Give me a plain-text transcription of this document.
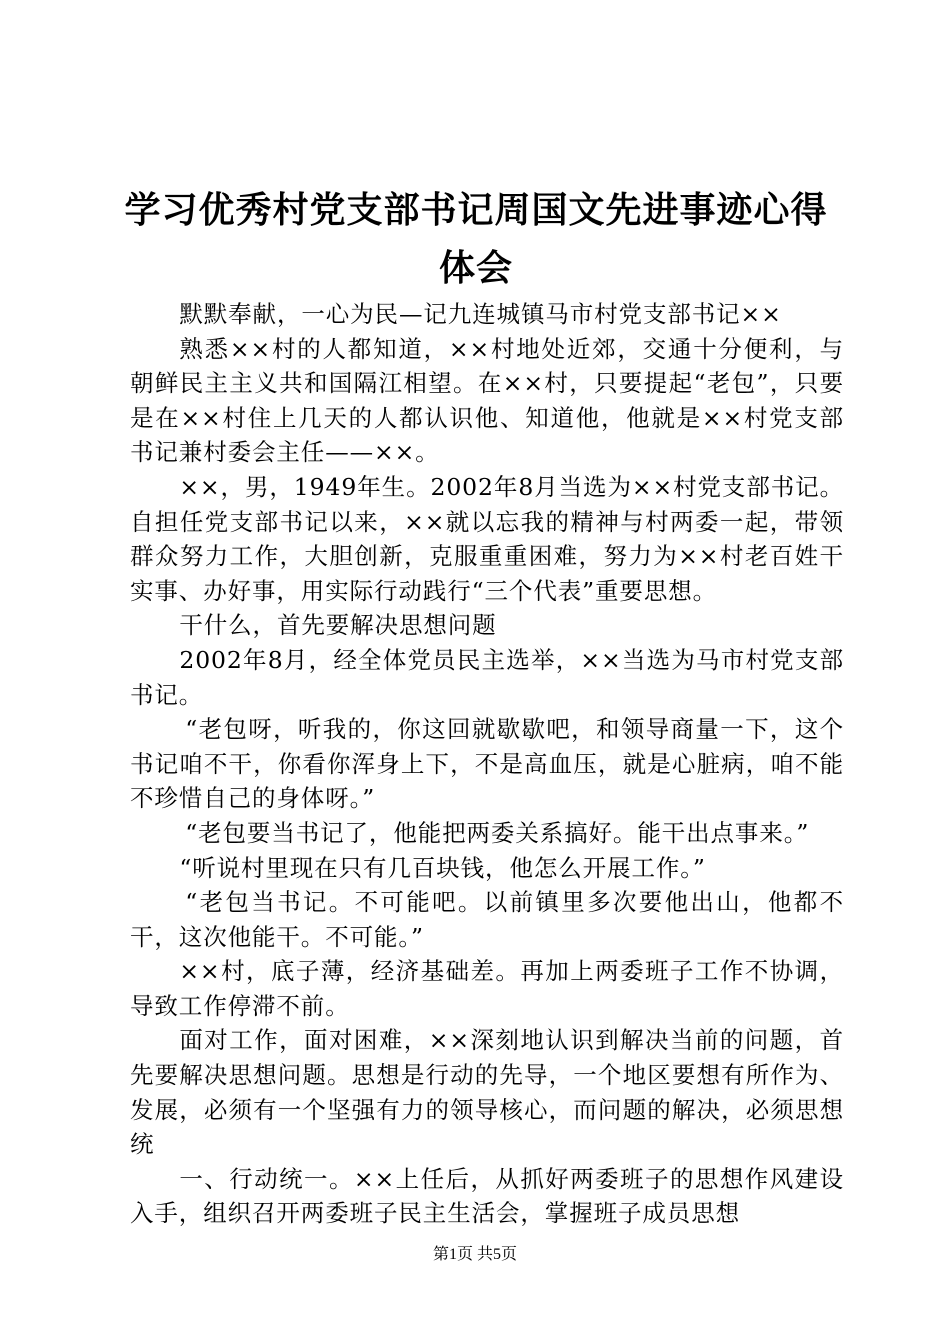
学习优秀村党支部书记周国文先进事迹心得体会

默默奉献，一心为民—记九连城镇马市村党支部书记××

熟悉××村的人都知道，××村地处近郊，交通十分便利，与朝鲜民主主义共和国隔江相望。在××村，只要提起“老包”，只要是在××村住上几天的人都认识他、知道他，他就是××村党支部书记兼村委会主任——××。

××，男，1949年生。2002年8月当选为××村党支部书记。自担任党支部书记以来，××就以忘我的精神与村两委一起，带领群众努力工作，大胆创新，克服重重困难，努力为××村老百姓干实事、办好事，用实际行动践行“三个代表”重要思想。

干什么，首先要解决思想问题

2002年8月，经全体党员民主选举，××当选为马市村党支部书记。

“老包呀，听我的，你这回就歇歇吧，和领导商量一下，这个书记咱不干，你看你浑身上下，不是高血压，就是心脏病，咱不能不珍惜自己的身体呀。”

“老包要当书记了，他能把两委关系搞好。能干出点事来。”

“听说村里现在只有几百块钱，他怎么开展工作。”

“老包当书记。不可能吧。以前镇里多次要他出山，他都不干，这次他能干。不可能。”

××村，底子薄，经济基础差。再加上两委班子工作不协调，导致工作停滞不前。

面对工作，面对困难，××深刻地认识到解决当前的问题，首先要解决思想问题。思想是行动的先导，一个地区要想有所作为、发展，必须有一个坚强有力的领导核心，而问题的解决，必须思想统

一、行动统一。××上任后，从抓好两委班子的思想作风建设入手，组织召开两委班子民主生活会，掌握班子成员思想

第1页 共5页
